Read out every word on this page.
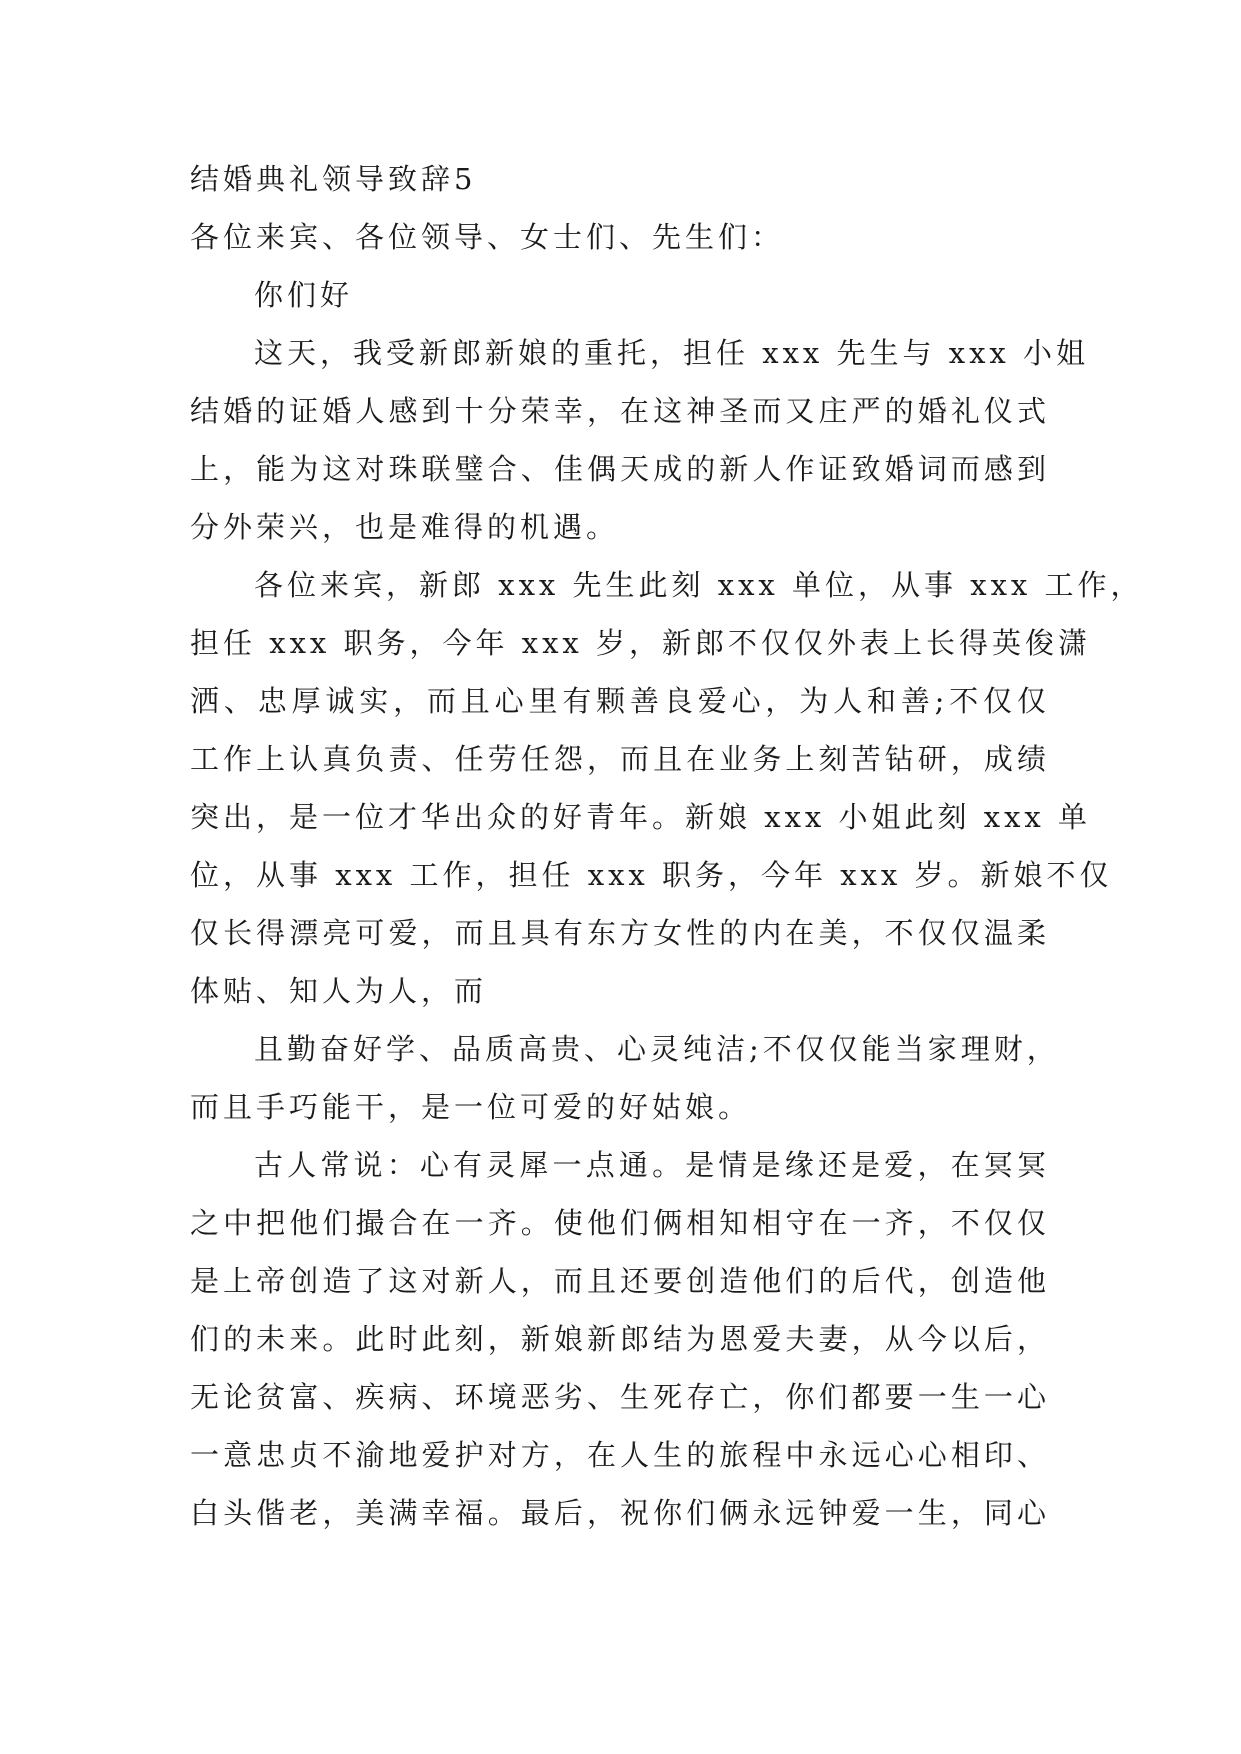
结婚典礼领导致辞5
各位来宾、各位领导、女士们、先生们：
你们好
这天，我受新郎新娘的重托，担任 xxx 先生与 xxx 小姐
结婚的证婚人感到十分荣幸，在这神圣而又庄严的婚礼仪式
上，能为这对珠联璧合、佳偶天成的新人作证致婚词而感到
分外荣兴，也是难得的机遇。
各位来宾，新郎 xxx 先生此刻 xxx 单位，从事 xxx 工作，
担任 xxx 职务，今年 xxx 岁，新郎不仅仅外表上长得英俊潇
洒、忠厚诚实，而且心里有颗善良爱心，为人和善;不仅仅
工作上认真负责、任劳任怨，而且在业务上刻苦钻研，成绩
突出，是一位才华出众的好青年。新娘 xxx 小姐此刻 xxx 单
位，从事 xxx 工作，担任 xxx 职务，今年 xxx 岁。新娘不仅
仅长得漂亮可爱，而且具有东方女性的内在美，不仅仅温柔
体贴、知人为人，而
且勤奋好学、品质高贵、心灵纯洁;不仅仅能当家理财，
而且手巧能干，是一位可爱的好姑娘。
古人常说：心有灵犀一点通。是情是缘还是爱，在冥冥
之中把他们撮合在一齐。使他们俩相知相守在一齐，不仅仅
是上帝创造了这对新人，而且还要创造他们的后代，创造他
们的未来。此时此刻，新娘新郎结为恩爱夫妻，从今以后，
无论贫富、疾病、环境恶劣、生死存亡，你们都要一生一心
一意忠贞不渝地爱护对方，在人生的旅程中永远心心相印、
白头偕老，美满幸福。最后，祝你们俩永远钟爱一生，同心
